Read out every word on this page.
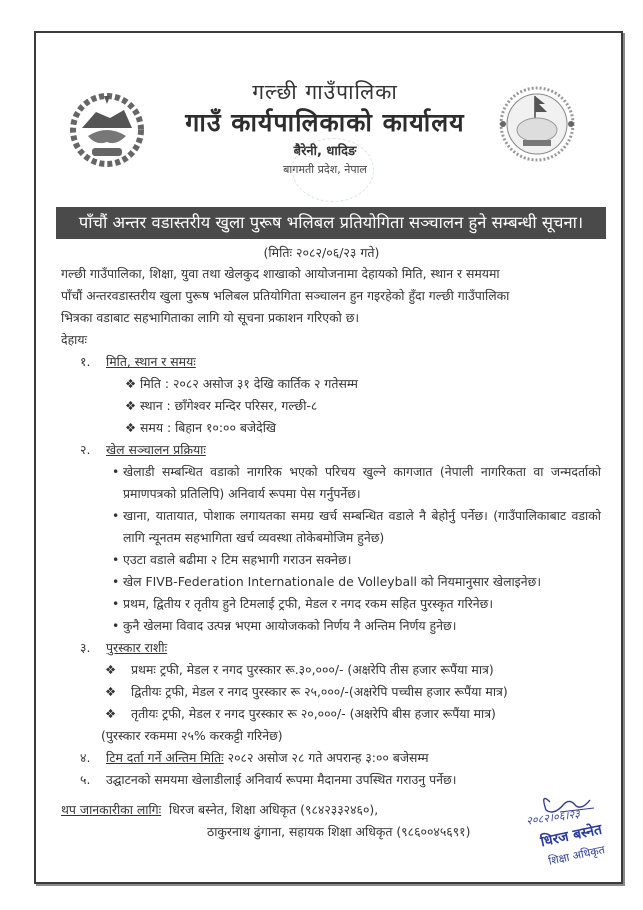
गल्छी गाउँपालिका
गाउँ कार्यपालिकाको कार्यालय
बैरेनी, धादिङ
बागमती प्रदेश, नेपाल
पाँचौं अन्तर वडास्तरीय खुला पुरूष भलिबल प्रतियोगिता सञ्चालन हुने सम्बन्धी सूचना।
(मितिः २०८२/०६/२३ गते)
गल्छी गाउँपालिका, शिक्षा, युवा तथा खेलकुद शाखाको आयोजनामा देहायको मिति, स्थान र समयमा
पाँचौं अन्तरवडास्तरीय खुला पुरूष भलिबल प्रतियोगिता सञ्चालन हुन गइरहेको हुँदा गल्छी गाउँपालिका
भित्रका वडाबाट सहभागिताका लागि यो सूचना प्रकाशन गरिएको छ।
देहायः
१. मिति, स्थान र समयः
❖ मिति : २०८२ असोज ३१ देखि कार्तिक २ गतेसम्म
❖ स्थान : छाँगेश्वर मन्दिर परिसर, गल्छी-८
❖ समय : बिहान १०:०० बजेदेखि
२. खेल सञ्चालन प्रक्रियाः
• खेलाडी सम्बन्धित वडाको नागरिक भएको परिचय खुल्ने कागजात (नेपाली नागरिकता वा जन्मदर्ताको प्रमाणपत्रको प्रतिलिपि) अनिवार्य रूपमा पेस गर्नुपर्नेछ।
• खाना, यातायात, पोशाक लगायतका समग्र खर्च सम्बन्धित वडाले नै बेहोर्नु पर्नेछ। (गाउँपालिकाबाट वडाको लागि न्यूनतम सहभागिता खर्च व्यवस्था तोकेबमोजिम हुनेछ)
• एउटा वडाले बढीमा २ टिम सहभागी गराउन सक्नेछ।
• खेल FIVB-Federation Internationale de Volleyball को नियमानुसार खेलाइनेछ।
• प्रथम, द्वितीय र तृतीय हुने टिमलाई ट्रफी, मेडल र नगद रकम सहित पुरस्कृत गरिनेछ।
• कुनै खेलमा विवाद उत्पन्न भएमा आयोजकको निर्णय नै अन्तिम निर्णय हुनेछ।
३. पुरस्कार राशीः
❖ प्रथमः ट्रफी, मेडल र नगद पुरस्कार रू.३०,०००/- (अक्षरेपि तीस हजार रूपैंया मात्र)
❖ द्वितीयः ट्रफी, मेडल र नगद पुरस्कार रू २५,०००/-(अक्षरेपि पच्चीस हजार रूपैंया मात्र)
❖ तृतीयः ट्रफी, मेडल र नगद पुरस्कार रू २०,०००/- (अक्षरेपि बीस हजार रूपैंया मात्र)
(पुरस्कार रकममा २५% करकट्टी गरिनेछ)
४. टिम दर्ता गर्ने अन्तिम मितिः २०८२ असोज २८ गते अपरान्ह ३:०० बजेसम्म
५. उद्घाटनको समयमा खेलाडीलाई अनिवार्य रूपमा मैदानमा उपस्थित गराउनु पर्नेछ।
थप जानकारीका लागिः धिरज बस्नेत, शिक्षा अधिकृत (९८४२३३२४६०),
ठाकुरनाथ ढुंगाना, सहायक शिक्षा अधिकृत (९८६००४५६९१)
२०८२।०६।२३
धिरज बस्नेत
शिक्षा अधिकृत
